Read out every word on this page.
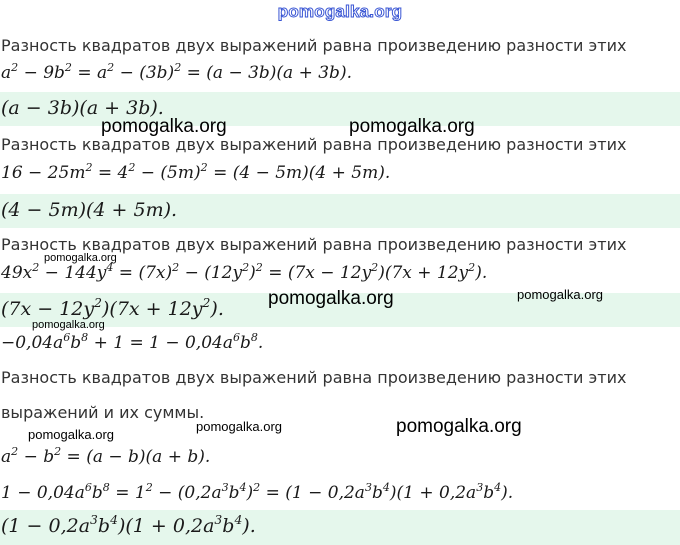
pomogalka.org
Разность квадратов двух выражений равна произведению разности этих
$a^2 - 9b^2 = a^2 - (3b)^2 = (a - 3b)(a + 3b)$.
(a − 3b)(a + 3b).
Разность квадратов двух выражений равна произведению разности этих
$16 - 25m^2 = 4^2 - (5m)^2 = (4 - 5m)(4 + 5m)$.
(4 − 5m)(4 + 5m).
Разность квадратов двух выражений равна произведению разности этих
$49x^2 - 144y^4 = (7x)^2 - (12y^2)^2 = (7x - 12y^2)(7x + 12y^2)$.
$(7x - 12y^2)(7x + 12y^2)$.
$-0,04a^6b^8 + 1 = 1 - 0,04a^6b^8$.
Разность квадратов двух выражений равна произведению разности этих
выражений и их суммы.
$a^2 - b^2 = (a - b)(a + b)$.
$1 - 0,04a^6b^8 = 1^2 - (0,2a^3b^4)^2 = (1 - 0,2a^3b^4)(1 + 0,2a^3b^4)$.
$(1 - 0,2a^3b^4)(1 + 0,2a^3b^4)$.
pomogalka.org	pomogalka.org
pomogalka.org
pomogalka.org	pomogalka.org
pomogalka.org
pomogalka.org
pomogalka.org	pomogalka.org
